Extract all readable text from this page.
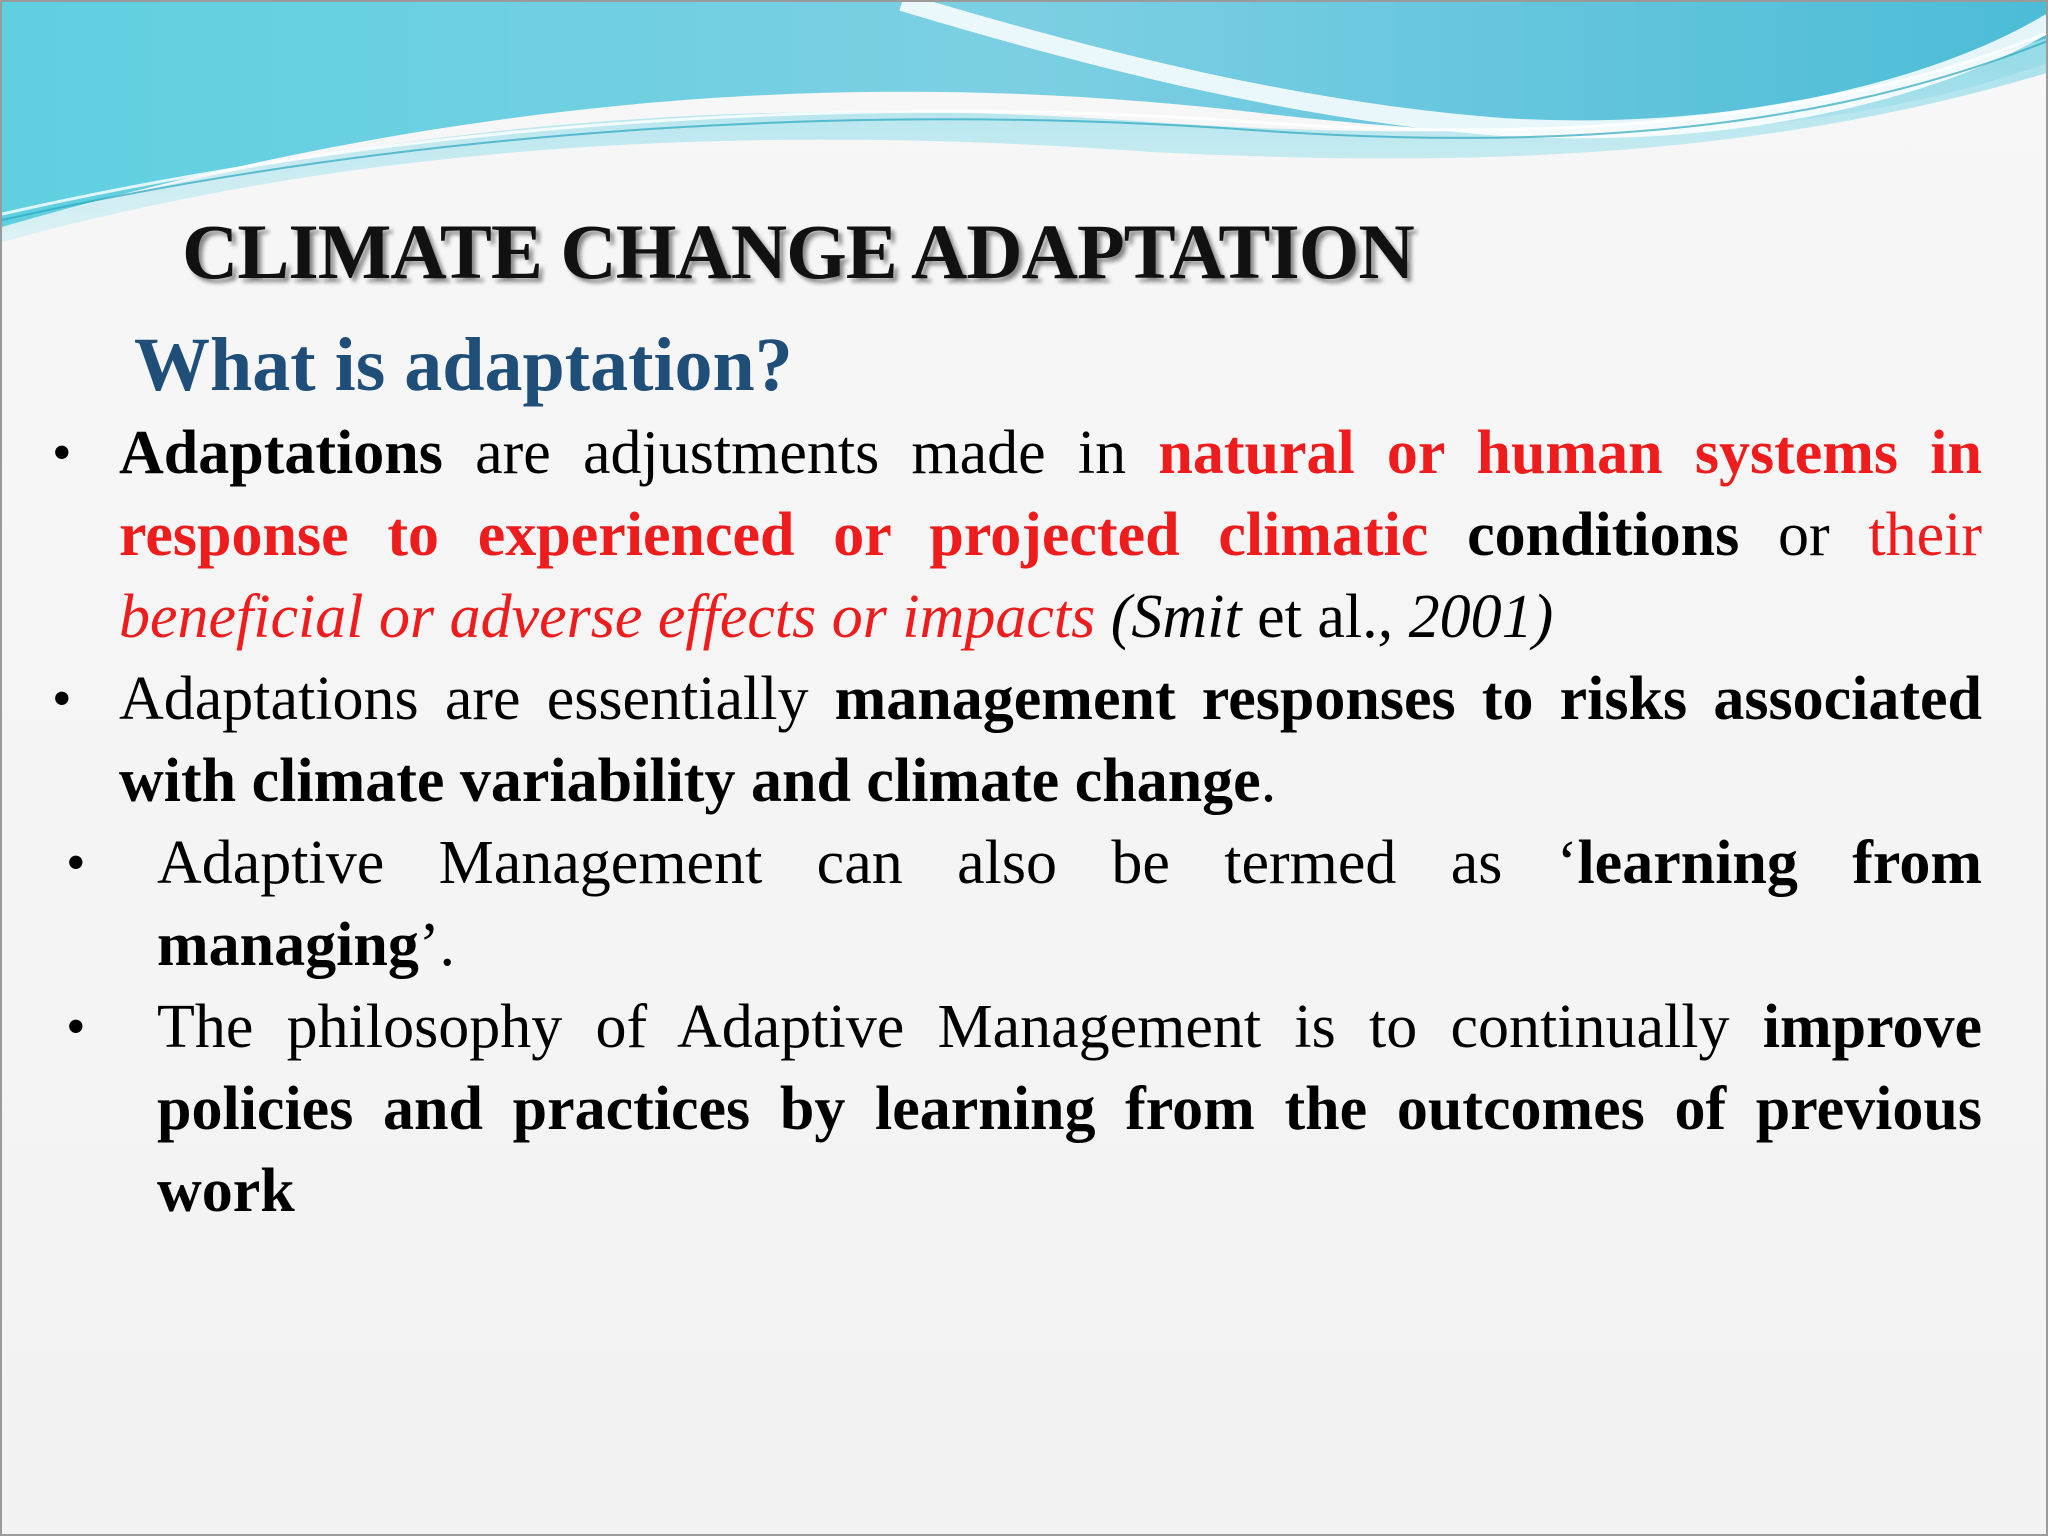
CLIMATE CHANGE ADAPTATION
What is adaptation?
• Adaptations are adjustments made in natural or human systems in response to experienced or projected climatic conditions or their beneficial or adverse effects or impacts (Smit et al., 2001)
• Adaptations are essentially management responses to risks associated with climate variability and climate change.
• Adaptive Management can also be termed as ‘learning from managing’.
• The philosophy of Adaptive Management is to continually improve policies and practices by learning from the outcomes of previous work
